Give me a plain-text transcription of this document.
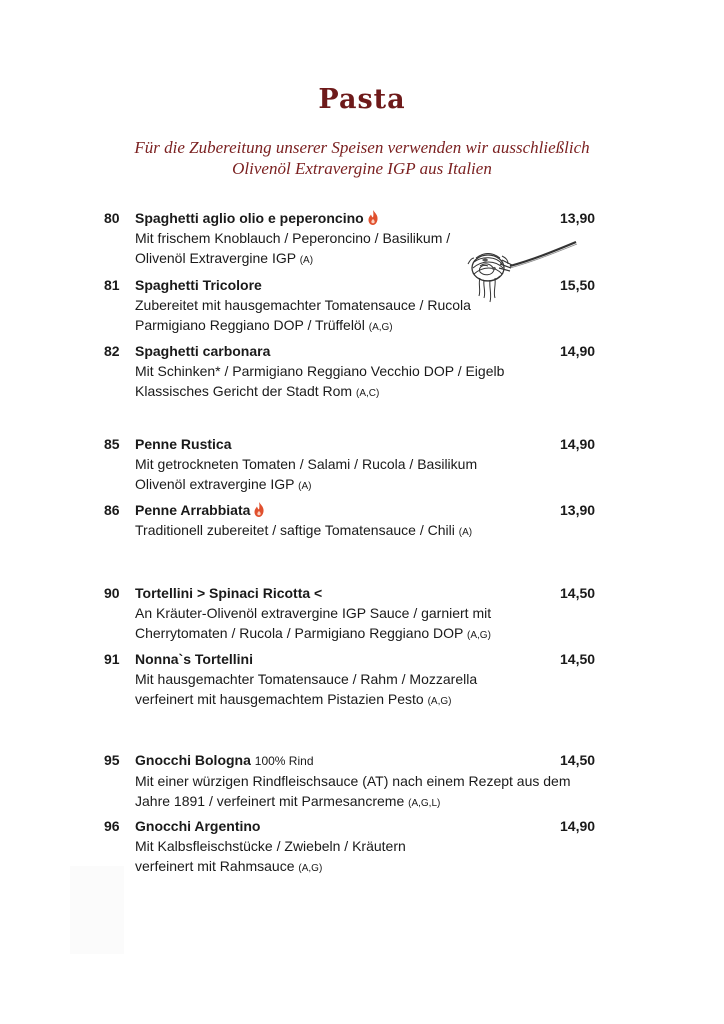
Pasta
Für die Zubereitung unserer Speisen verwenden wir ausschließlich
Olivenöl Extravergine IGP aus Italien
80 Spaghetti aglio olio e peperoncino
Mit frischem Knoblauch / Peperoncino / Basilikum /
Olivenöl Extravergine IGP (A)
13,90
81 Spaghetti Tricolore
Zubereitet mit hausgemachter Tomatensauce / Rucola
Parmigiano Reggiano DOP / Trüffelöl (A,G)
15,50
82 Spaghetti carbonara
Mit Schinken* / Parmigiano Reggiano Vecchio DOP / Eigelb
Klassisches Gericht der Stadt Rom (A,C)
14,90
85 Penne Rustica
Mit getrockneten Tomaten / Salami / Rucola / Basilikum
Olivenöl extravergine IGP (A)
14,90
86 Penne Arrabbiata
Traditionell zubereitet / saftige Tomatensauce / Chili (A)
13,90
90 Tortellini > Spinaci Ricotta <
An Kräuter-Olivenöl extravergine IGP Sauce / garniert mit
Cherrytomaten / Rucola / Parmigiano Reggiano DOP (A,G)
14,50
91 Nonna`s Tortellini
Mit hausgemachter Tomatensauce / Rahm / Mozzarella
verfeinert mit hausgemachtem Pistazien Pesto (A,G)
14,50
95 Gnocchi Bologna 100% Rind
Mit einer würzigen Rindfleischsauce (AT) nach einem Rezept aus dem
Jahre 1891 / verfeinert mit Parmesancreme (A,G,L)
14,50
96 Gnocchi Argentino
Mit Kalbsfleischstücke / Zwiebeln / Kräutern
verfeinert mit Rahmsauce (A,G)
14,90
